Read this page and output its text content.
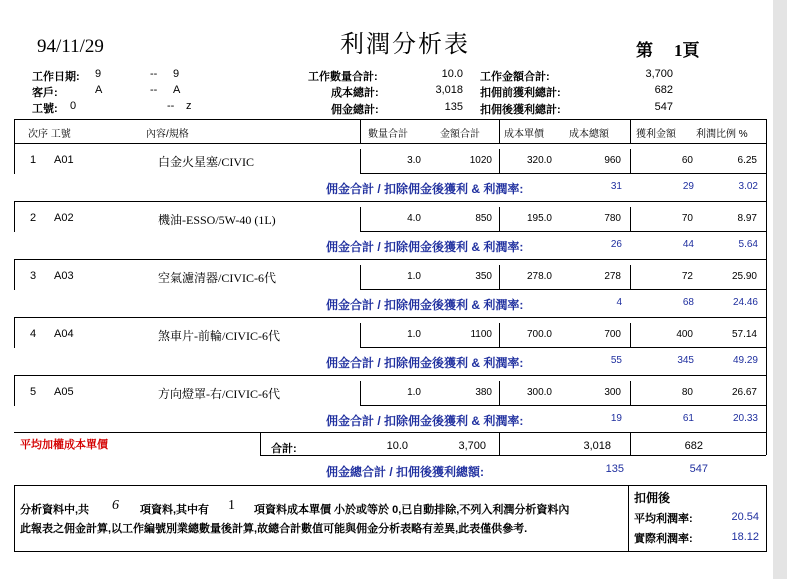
94/11/29	利潤分析表	第 1頁
工作日期: 9	-- 9
客戶:	A	-- A
工號: 0	-- z
工作數量合計:	10.0 工作金額合計:	3,700
成本總計:	3,018 扣佣前獲利總計:	682
佣金總計:	135 扣佣後獲利總計:	547
次序 工號	內容/規格	數量合計	金額合計 成本單價	成本總額	獲利金額 利潤比例 %
1 A01	白金火星塞/CIVIC	3.0	1020	320.0	960	60	6.25
佣金合計 / 扣除佣金後獲利 & 利潤率:	31	29	3.02
2 A02	機油-ESSO/5W-40 (1L)	4.0	850	195.0	780	70	8.97
佣金合計 / 扣除佣金後獲利 & 利潤率:	26	44	5.64
3 A03	空氣濾清器/CIVIC-6代	1.0	350	278.0	278	72	25.90
佣金合計 / 扣除佣金後獲利 & 利潤率:	4	68	24.46
4 A04	煞車片-前輪/CIVIC-6代	1.0	1100	700.0	700	400	57.14
佣金合計 / 扣除佣金後獲利 & 利潤率:	55	345	49.29
5 A05	方向燈罩-右/CIVIC-6代	1.0	380	300.0	300	80	26.67
佣金合計 / 扣除佣金後獲利 & 利潤率:	19	61	20.33
平均加權成本單價	合計:	10.0	3,700	3,018	682
佣金總合計 / 扣佣後獲利總額:	135	547
分析資料中,共 6 項資料,其中有 1 項資料成本單價 小於或等於 0,已自動排除,不列入利潤分析資料內
此報表之佣金計算,以工作編號別業總數量後計算,故總合計數值可能與佣金分析表略有差異,此表僅供參考.
扣佣後
平均利潤率:	20.54
實際利潤率:	18.12
